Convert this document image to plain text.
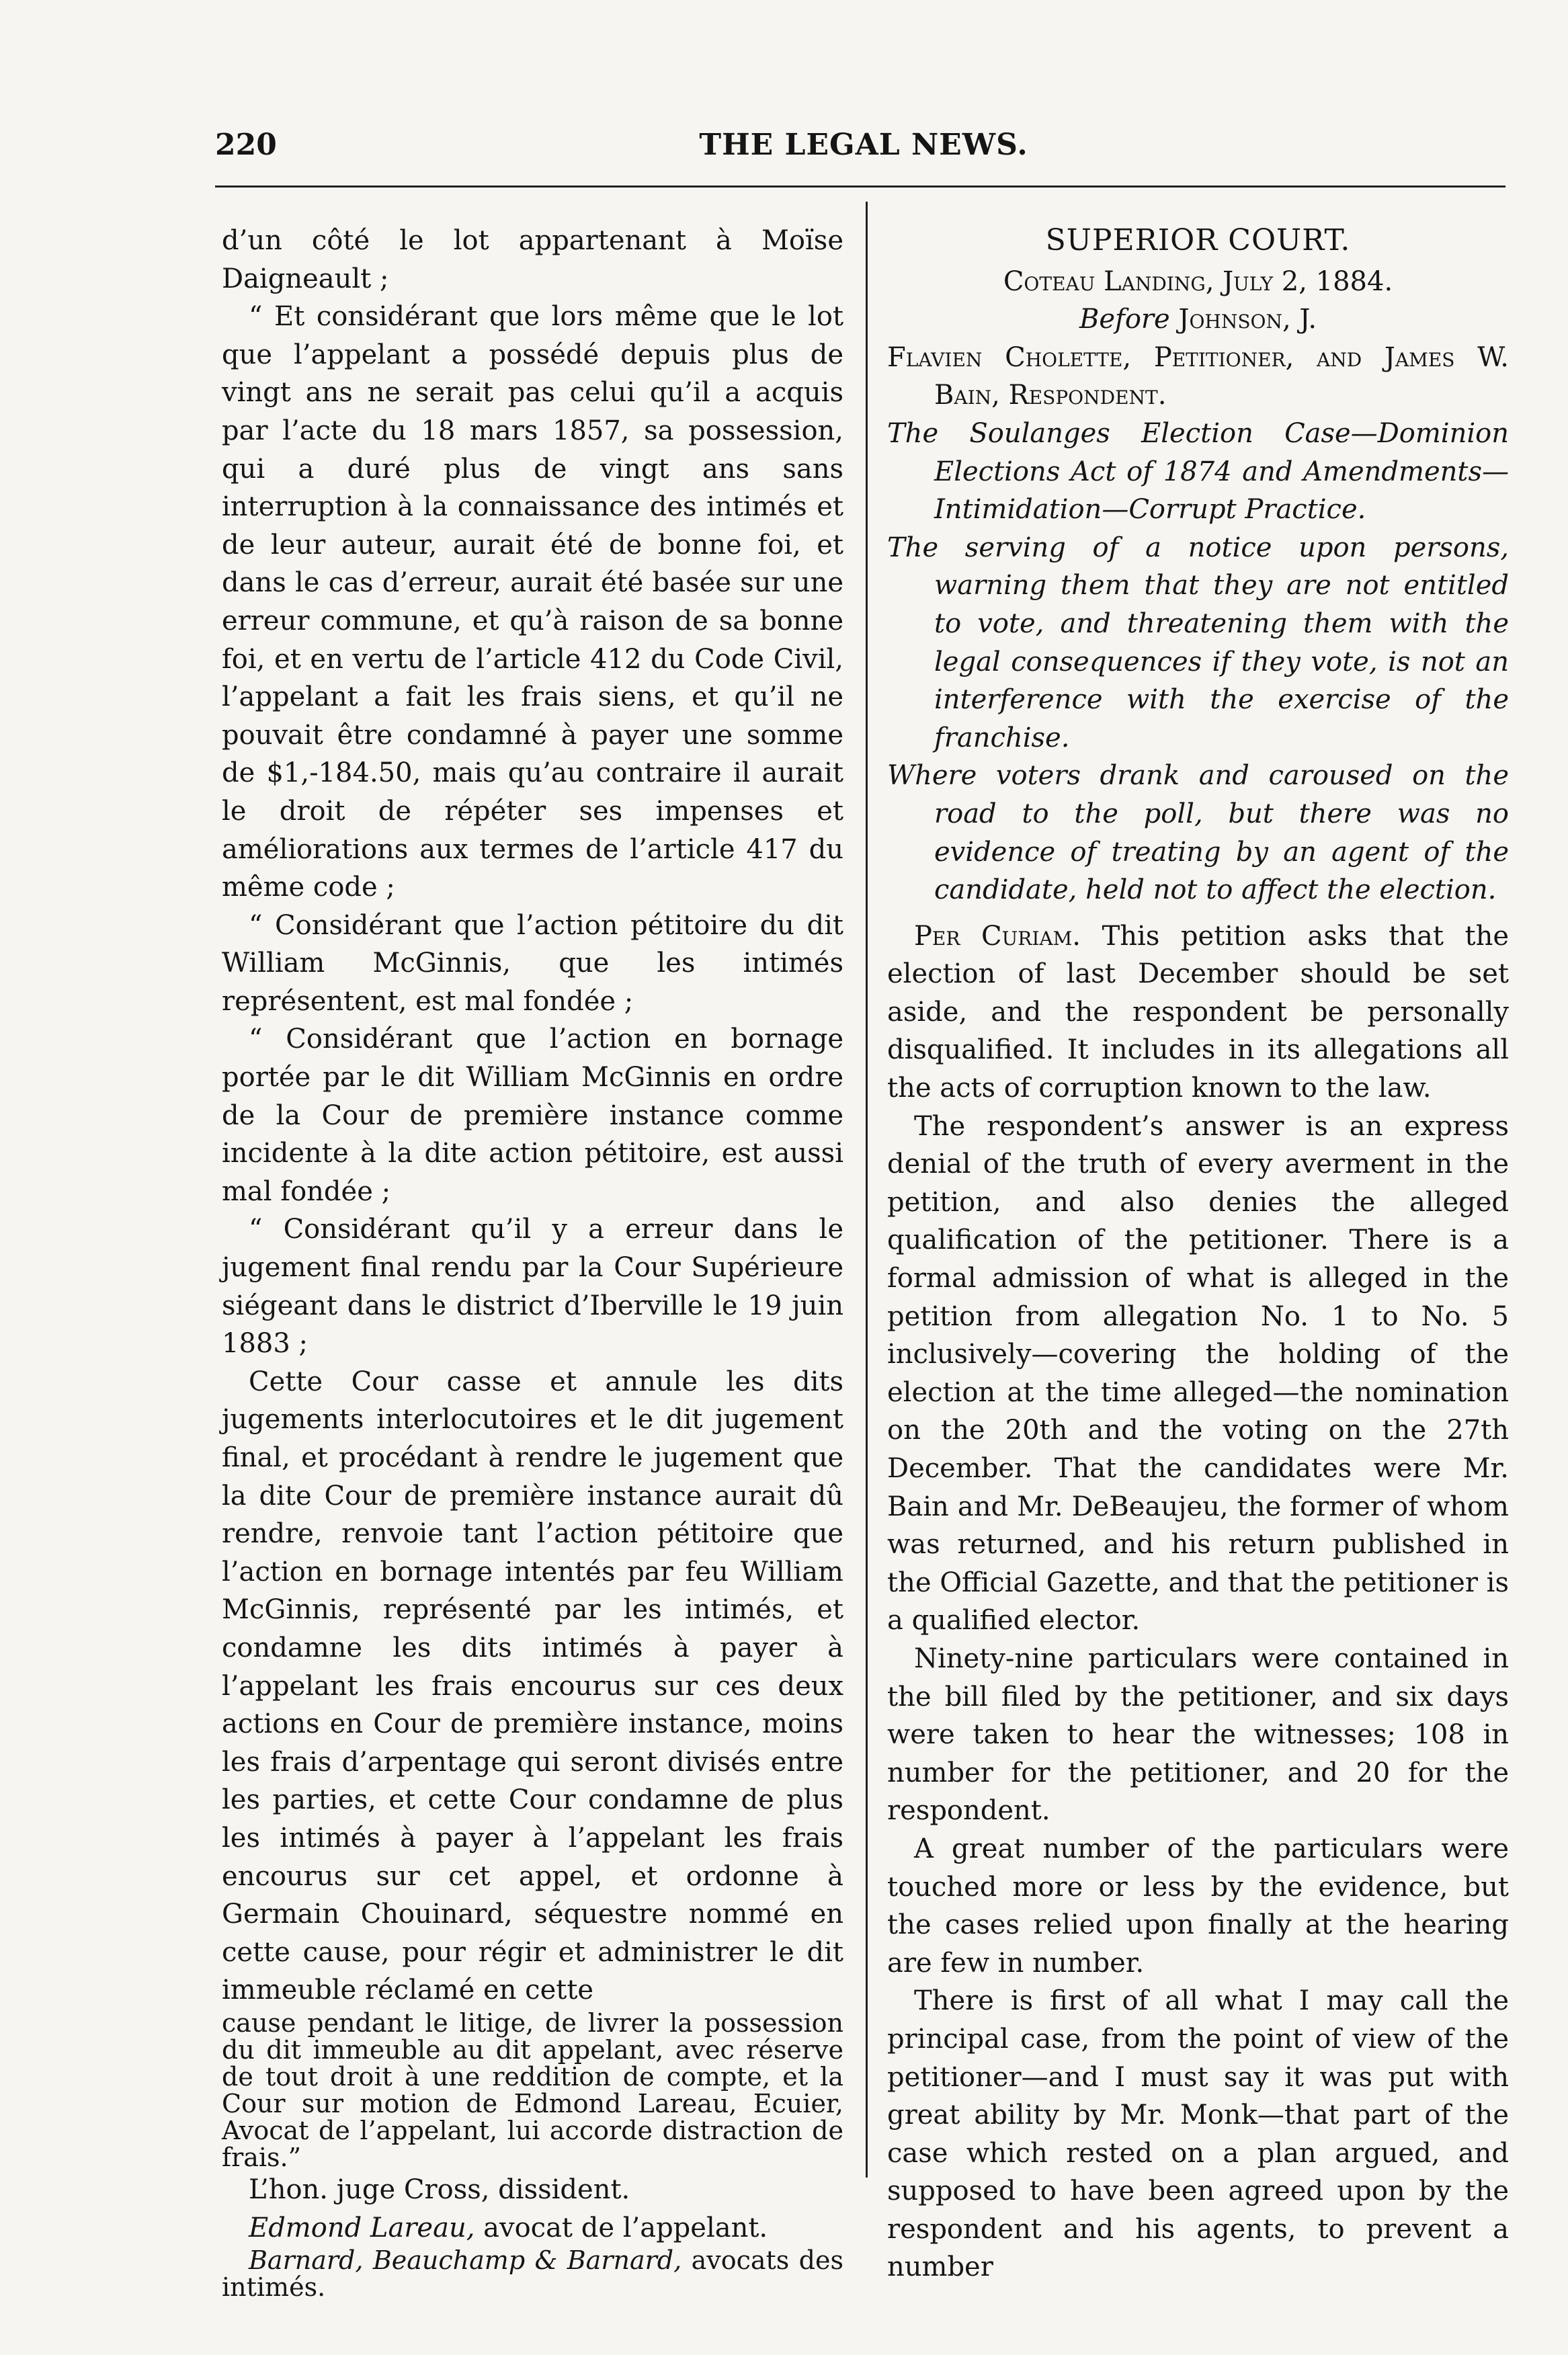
220	THE LEGAL NEWS.

d’un côté le lot appartenant à Moïse Daigneault ;

“ Et considérant que lors même que le lot que l’appelant a possédé depuis plus de vingt ans ne serait pas celui qu’il a acquis par l’acte du 18 mars 1857, sa possession, qui a duré plus de vingt ans sans interruption à la connaissance des intimés et de leur auteur, aurait été de bonne foi, et dans le cas d’erreur, aurait été basée sur une erreur commune, et qu’à raison de sa bonne foi, et en vertu de l’article 412 du Code Civil, l’appelant a fait les frais siens, et qu’il ne pouvait être condamné à payer une somme de $1,-184.50, mais qu’au contraire il aurait le droit de répéter ses impenses et améliorations aux termes de l’article 417 du même code ;

“ Considérant que l’action pétitoire du dit William McGinnis, que les intimés représentent, est mal fondée ;

“ Considérant que l’action en bornage portée par le dit William McGinnis en ordre de la Cour de première instance comme incidente à la dite action pétitoire, est aussi mal fondée ;

“ Considérant qu’il y a erreur dans le jugement final rendu par la Cour Supérieure siégeant dans le district d’Iberville le 19 juin 1883 ;

Cette Cour casse et annule les dits jugements interlocutoires et le dit jugement final, et procédant à rendre le jugement que la dite Cour de première instance aurait dû rendre, renvoie tant l’action pétitoire que l’action en bornage intentés par feu William McGinnis, représenté par les intimés, et condamne les dits intimés à payer à l’appelant les frais encourus sur ces deux actions en Cour de première instance, moins les frais d’arpentage qui seront divisés entre les parties, et cette Cour condamne de plus les intimés à payer à l’appelant les frais encourus sur cet appel, et ordonne à Germain Chouinard, séquestre nommé en cette cause, pour régir et administrer le dit immeuble réclamé en cette

cause pendant le litige, de livrer la possession du dit immeuble au dit appelant, avec réserve de tout droit à une reddition de compte, et la Cour sur motion de Edmond Lareau, Ecuier, Avocat de l’appelant, lui accorde distraction de frais.”

L’hon. juge Cross, dissident.

Edmond Lareau, avocat de l’appelant.

Barnard, Beauchamp & Barnard, avocats des intimés.

SUPERIOR COURT.

Coteau Landing, July 2, 1884.

Before Johnson, J.

Flavien Cholette, Petitioner, and James W. Bain, Respondent.

The Soulanges Election Case—Dominion Elections Act of 1874 and Amendments—Intimidation—Corrupt Practice.

The serving of a notice upon persons, warning them that they are not entitled to vote, and threatening them with the legal consequences if they vote, is not an interference with the exercise of the franchise.

Where voters drank and caroused on the road to the poll, but there was no evidence of treating by an agent of the candidate, held not to affect the election.

Per Curiam. This petition asks that the election of last December should be set aside, and the respondent be personally disqualified. It includes in its allegations all the acts of corruption known to the law.

The respondent’s answer is an express denial of the truth of every averment in the petition, and also denies the alleged qualification of the petitioner. There is a formal admission of what is alleged in the petition from allegation No. 1 to No. 5 inclusively—covering the holding of the election at the time alleged—the nomination on the 20th and the voting on the 27th December. That the candidates were Mr. Bain and Mr. DeBeaujeu, the former of whom was returned, and his return published in the Official Gazette, and that the petitioner is a qualified elector.

Ninety-nine particulars were contained in the bill filed by the petitioner, and six days were taken to hear the witnesses; 108 in number for the petitioner, and 20 for the respondent.

A great number of the particulars were touched more or less by the evidence, but the cases relied upon finally at the hearing are few in number.

There is first of all what I may call the principal case, from the point of view of the petitioner—and I must say it was put with great ability by Mr. Monk—that part of the case which rested on a plan argued, and supposed to have been agreed upon by the respondent and his agents, to prevent a number
